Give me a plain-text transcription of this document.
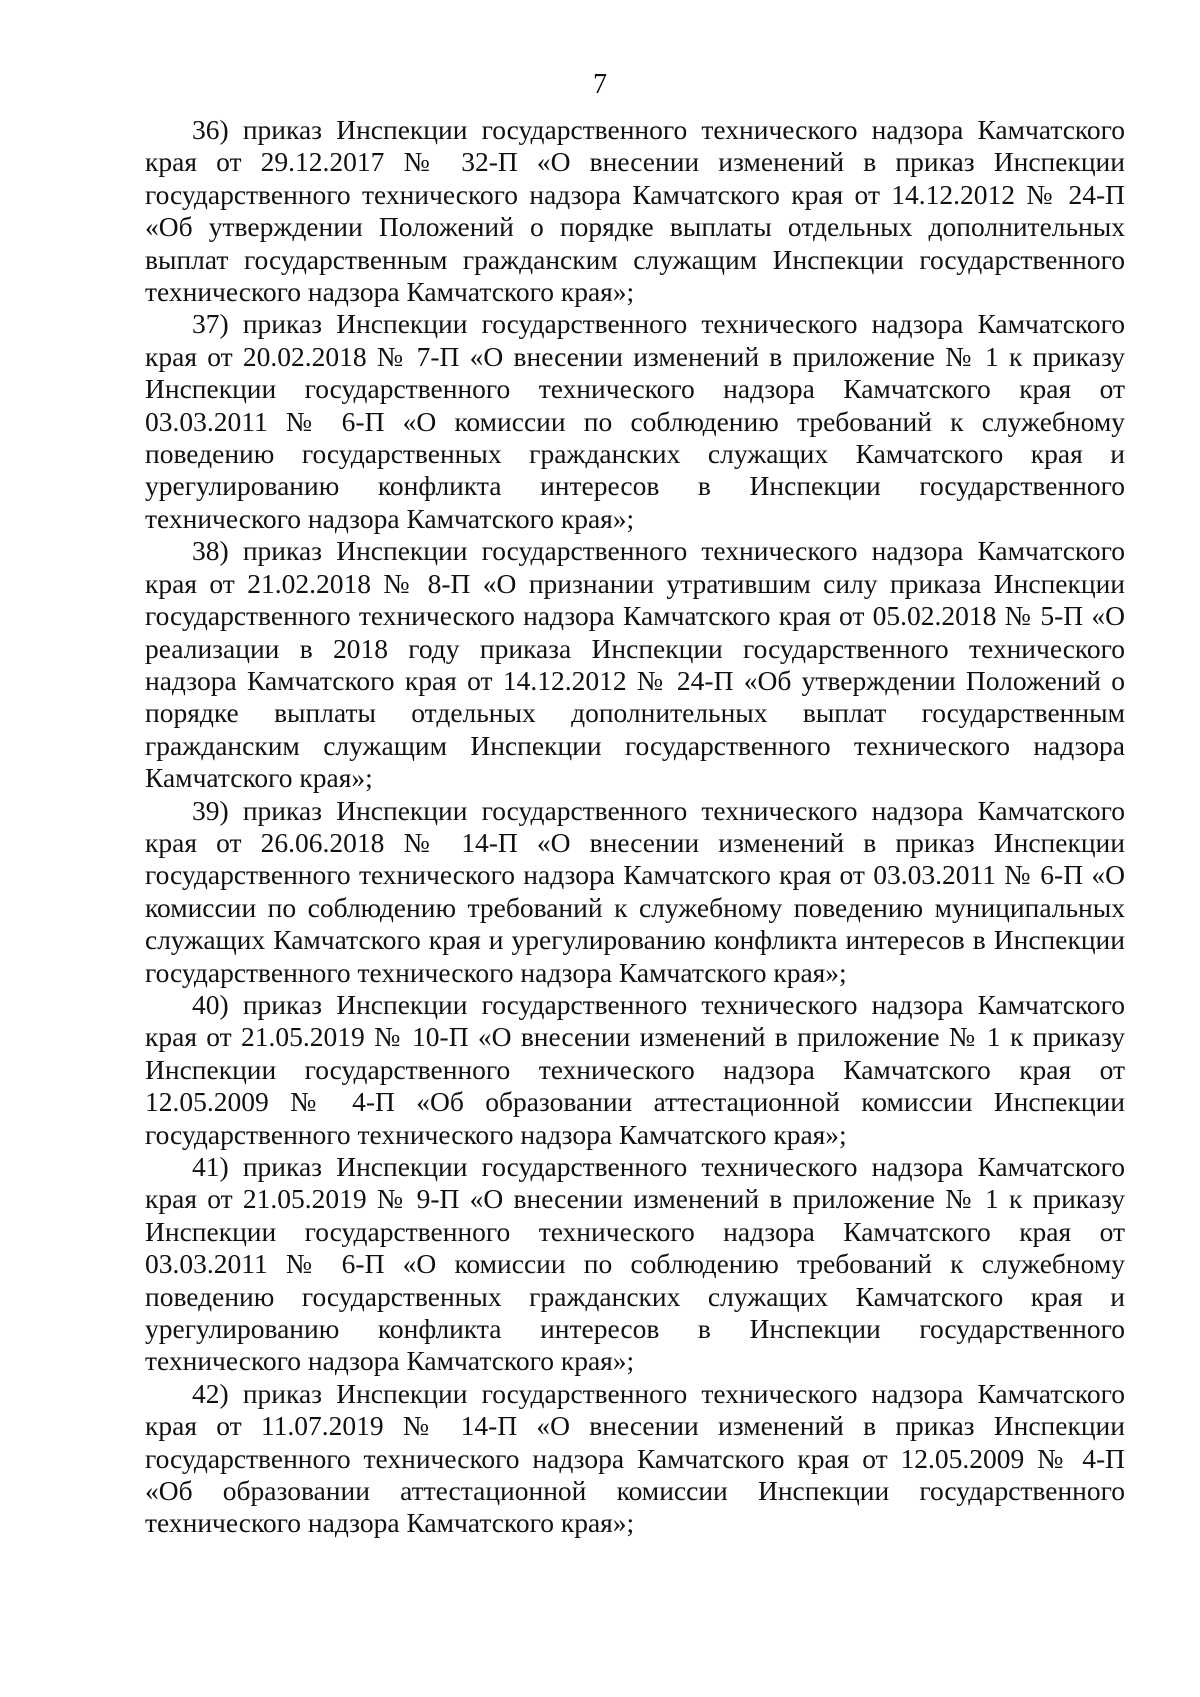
7

36) приказ Инспекции государственного технического надзора Камчатского края от 29.12.2017 № 32-П «О внесении изменений в приказ Инспекции государственного технического надзора Камчатского края от 14.12.2012 № 24-П «Об утверждении Положений о порядке выплаты отдельных дополнительных выплат государственным гражданским служащим Инспекции государственного технического надзора Камчатского края»;

37) приказ Инспекции государственного технического надзора Камчатского края от 20.02.2018 № 7-П «О внесении изменений в приложение № 1 к приказу Инспекции государственного технического надзора Камчатского края от 03.03.2011 № 6-П «О комиссии по соблюдению требований к служебному поведению государственных гражданских служащих Камчатского края и урегулированию конфликта интересов в Инспекции государственного технического надзора Камчатского края»;

38) приказ Инспекции государственного технического надзора Камчатского края от 21.02.2018 № 8-П «О признании утратившим силу приказа Инспекции государственного технического надзора Камчатского края от 05.02.2018 № 5-П «О реализации в 2018 году приказа Инспекции государственного технического надзора Камчатского края от 14.12.2012 № 24-П «Об утверждении Положений о порядке выплаты отдельных дополнительных выплат государственным гражданским служащим Инспекции государственного технического надзора Камчатского края»;

39) приказ Инспекции государственного технического надзора Камчатского края от 26.06.2018 № 14-П «О внесении изменений в приказ Инспекции государственного технического надзора Камчатского края от 03.03.2011 № 6-П «О комиссии по соблюдению требований к служебному поведению муниципальных служащих Камчатского края и урегулированию конфликта интересов в Инспекции государственного технического надзора Камчатского края»;

40) приказ Инспекции государственного технического надзора Камчатского края от 21.05.2019 № 10-П «О внесении изменений в приложение № 1 к приказу Инспекции государственного технического надзора Камчатского края от 12.05.2009 № 4-П «Об образовании аттестационной комиссии Инспекции государственного технического надзора Камчатского края»;

41) приказ Инспекции государственного технического надзора Камчатского края от 21.05.2019 № 9-П «О внесении изменений в приложение № 1 к приказу Инспекции государственного технического надзора Камчатского края от 03.03.2011 № 6-П «О комиссии по соблюдению требований к служебному поведению государственных гражданских служащих Камчатского края и урегулированию конфликта интересов в Инспекции государственного технического надзора Камчатского края»;

42) приказ Инспекции государственного технического надзора Камчатского края от 11.07.2019 № 14-П «О внесении изменений в приказ Инспекции государственного технического надзора Камчатского края от 12.05.2009 № 4-П «Об образовании аттестационной комиссии Инспекции государственного технического надзора Камчатского края»;
